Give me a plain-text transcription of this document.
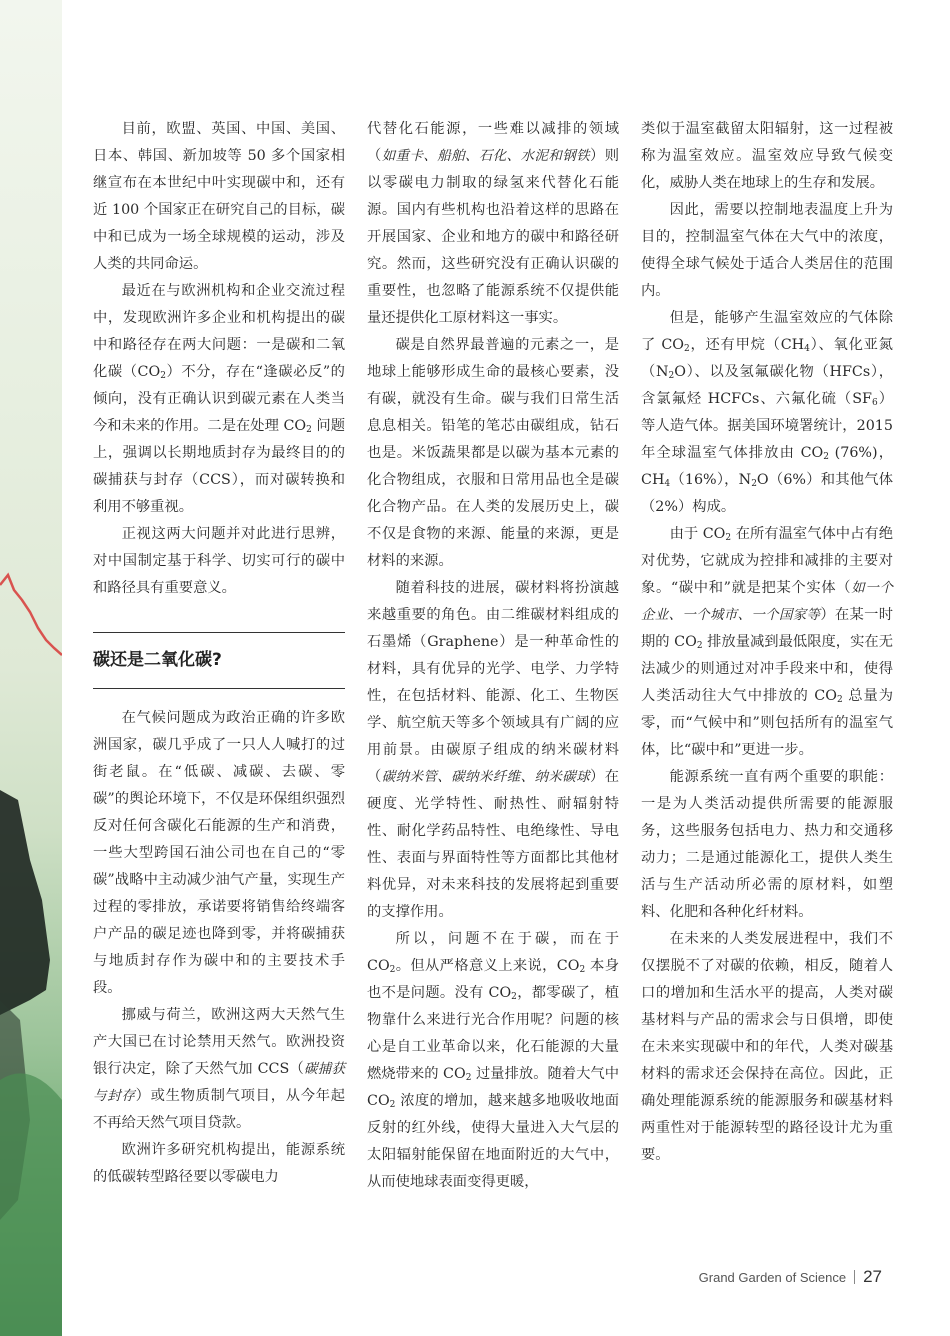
目前，欧盟、英国、中国、美国、日本、韩国、新加坡等 50 多个国家相继宣布在本世纪中叶实现碳中和，还有近 100 个国家正在研究自己的目标，碳中和已成为一场全球规模的运动，涉及人类的共同命运。

最近在与欧洲机构和企业交流过程中，发现欧洲许多企业和机构提出的碳中和路径存在两大问题：一是碳和二氧化碳$(CO_2)$不分，存在“逢碳必反”的倾向，没有正确认识到碳元素在人类当今和未来的作用。二是在处理 $CO_2$ 问题上，强调以长期地质封存为最终目的的碳捕获与封存（CCS），而对碳转换和利用不够重视。

正视这两大问题并对此进行思辨，对中国制定基于科学、切实可行的碳中和路径具有重要意义。

碳还是二氧化碳?

在气候问题成为政治正确的许多欧洲国家，碳几乎成了一只人人喊打的过街老鼠。在“低碳、减碳、去碳、零碳”的舆论环境下，不仅是环保组织强烈反对任何含碳化石能源的生产和消费，一些大型跨国石油公司也在自己的“零碳”战略中主动减少油气产量，实现生产过程的零排放，承诺要将销售给终端客户产品的碳足迹也降到零，并将碳捕获与地质封存作为碳中和的主要技术手段。

挪威与荷兰，欧洲这两大天然气生产大国已在讨论禁用天然气。欧洲投资银行决定，除了天然气加 CCS（碳捕获与封存）或生物质制气项目，从今年起不再给天然气项目贷款。

欧洲许多研究机构提出，能源系统的低碳转型路径要以零碳电力

代替化石能源，一些难以减排的领域（如重卡、船舶、石化、水泥和钢铁）则以零碳电力制取的绿氢来代替化石能源。国内有些机构也沿着这样的思路在开展国家、企业和地方的碳中和路径研究。然而，这些研究没有正确认识碳的重要性，也忽略了能源系统不仅提供能量还提供化工原材料这一事实。

碳是自然界最普遍的元素之一，是地球上能够形成生命的最核心要素，没有碳，就没有生命。碳与我们日常生活息息相关。铅笔的笔芯由碳组成，钻石也是。米饭蔬果都是以碳为基本元素的化合物组成，衣服和日常用品也全是碳化合物产品。在人类的发展历史上，碳不仅是食物的来源、能量的来源，更是材料的来源。

随着科技的进展，碳材料将扮演越来越重要的角色。由二维碳材料组成的石墨烯（Graphene）是一种革命性的材料，具有优异的光学、电学、力学特性，在包括材料、能源、化工、生物医学、航空航天等多个领域具有广阔的应用前景。由碳原子组成的纳米碳材料（碳纳米管、碳纳米纤维、纳米碳球）在硬度、光学特性、耐热性、耐辐射特性、耐化学药品特性、电绝缘性、导电性、表面与界面特性等方面都比其他材料优异，对未来科技的发展将起到重要的支撑作用。

所以，问题不在于碳，而在于 $CO_2$。但从严格意义上来说，$CO_2$ 本身也不是问题。没有 $CO_2$，都零碳了，植物靠什么来进行光合作用呢？问题的核心是自工业革命以来，化石能源的大量燃烧带来的 $CO_2$ 过量排放。随着大气中 $CO_2$ 浓度的增加，越来越多地吸收地面反射的红外线，使得大量进入大气层的太阳辐射能保留在地面附近的大气中，从而使地球表面变得更暖，

类似于温室截留太阳辐射，这一过程被称为温室效应。温室效应导致气候变化，威胁人类在地球上的生存和发展。

因此，需要以控制地表温度上升为目的，控制温室气体在大气中的浓度，使得全球气候处于适合人类居住的范围内。

但是，能够产生温室效应的气体除了 $CO_2$，还有甲烷$(CH_4)$、氧化亚氮$(N_2O)$、以及氢氟碳化物（HFCs），含氯氟烃 HCFCs、六氟化硫$(SF_6)$等人造气体。据美国环境署统计，2015 年全球温室气体排放由 $CO_2$ (76%)，$CH_4(16\%)$，$N_2O(6\%)$和其他气体（2%）构成。

由于 $CO_2$ 在所有温室气体中占有绝对优势，它就成为控排和减排的主要对象。“碳中和”就是把某个实体（如一个企业、一个城市、一个国家等）在某一时期的 $CO_2$ 排放量减到最低限度，实在无法减少的则通过对冲手段来中和，使得人类活动往大气中排放的 $CO_2$ 总量为零，而“气候中和”则包括所有的温室气体，比“碳中和”更进一步。

能源系统一直有两个重要的职能：一是为人类活动提供所需要的能源服务，这些服务包括电力、热力和交通移动力；二是通过能源化工，提供人类生活与生产活动所必需的原材料，如塑料、化肥和各种化纤材料。

在未来的人类发展进程中，我们不仅摆脱不了对碳的依赖，相反，随着人口的增加和生活水平的提高，人类对碳基材料与产品的需求会与日俱增，即使在未来实现碳中和的年代，人类对碳基材料的需求还会保持在高位。因此，正确处理能源系统的能源服务和碳基材料两重性对于能源转型的路径设计尤为重要。

Grand Garden of Science 27
